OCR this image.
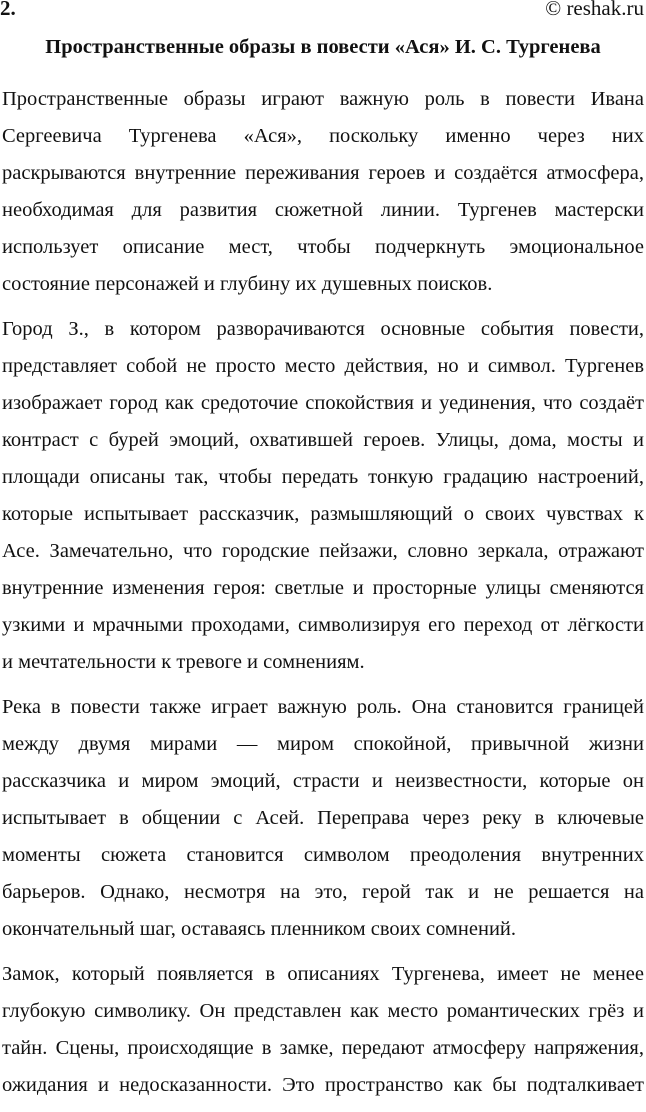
2.	© reshak.ru
Пространственные образы в повести «Ася» И. С. Тургенева
Пространственные образы играют важную роль в повести Ивана
Сергеевича Тургенева «Ася», поскольку именно через них
раскрываются внутренние переживания героев и создаётся атмосфера,
необходимая для развития сюжетной линии. Тургенев мастерски
использует описание мест, чтобы подчеркнуть эмоциональное
состояние персонажей и глубину их душевных поисков.
Город З., в котором разворачиваются основные события повести,
представляет собой не просто место действия, но и символ. Тургенев
изображает город как средоточие спокойствия и уединения, что создаёт
контраст с бурей эмоций, охватившей героев. Улицы, дома, мосты и
площади описаны так, чтобы передать тонкую градацию настроений,
которые испытывает рассказчик, размышляющий о своих чувствах к
Асе. Замечательно, что городские пейзажи, словно зеркала, отражают
внутренние изменения героя: светлые и просторные улицы сменяются
узкими и мрачными проходами, символизируя его переход от лёгкости
и мечтательности к тревоге и сомнениям.
Река в повести также играет важную роль. Она становится границей
между двумя мирами — миром спокойной, привычной жизни
рассказчика и миром эмоций, страсти и неизвестности, которые он
испытывает в общении с Асей. Переправа через реку в ключевые
моменты сюжета становится символом преодоления внутренних
барьеров. Однако, несмотря на это, герой так и не решается на
окончательный шаг, оставаясь пленником своих сомнений.
Замок, который появляется в описаниях Тургенева, имеет не менее
глубокую символику. Он представлен как место романтических грёз и
тайн. Сцены, происходящие в замке, передают атмосферу напряжения,
ожидания и недосказанности. Это пространство как бы подталкивает
